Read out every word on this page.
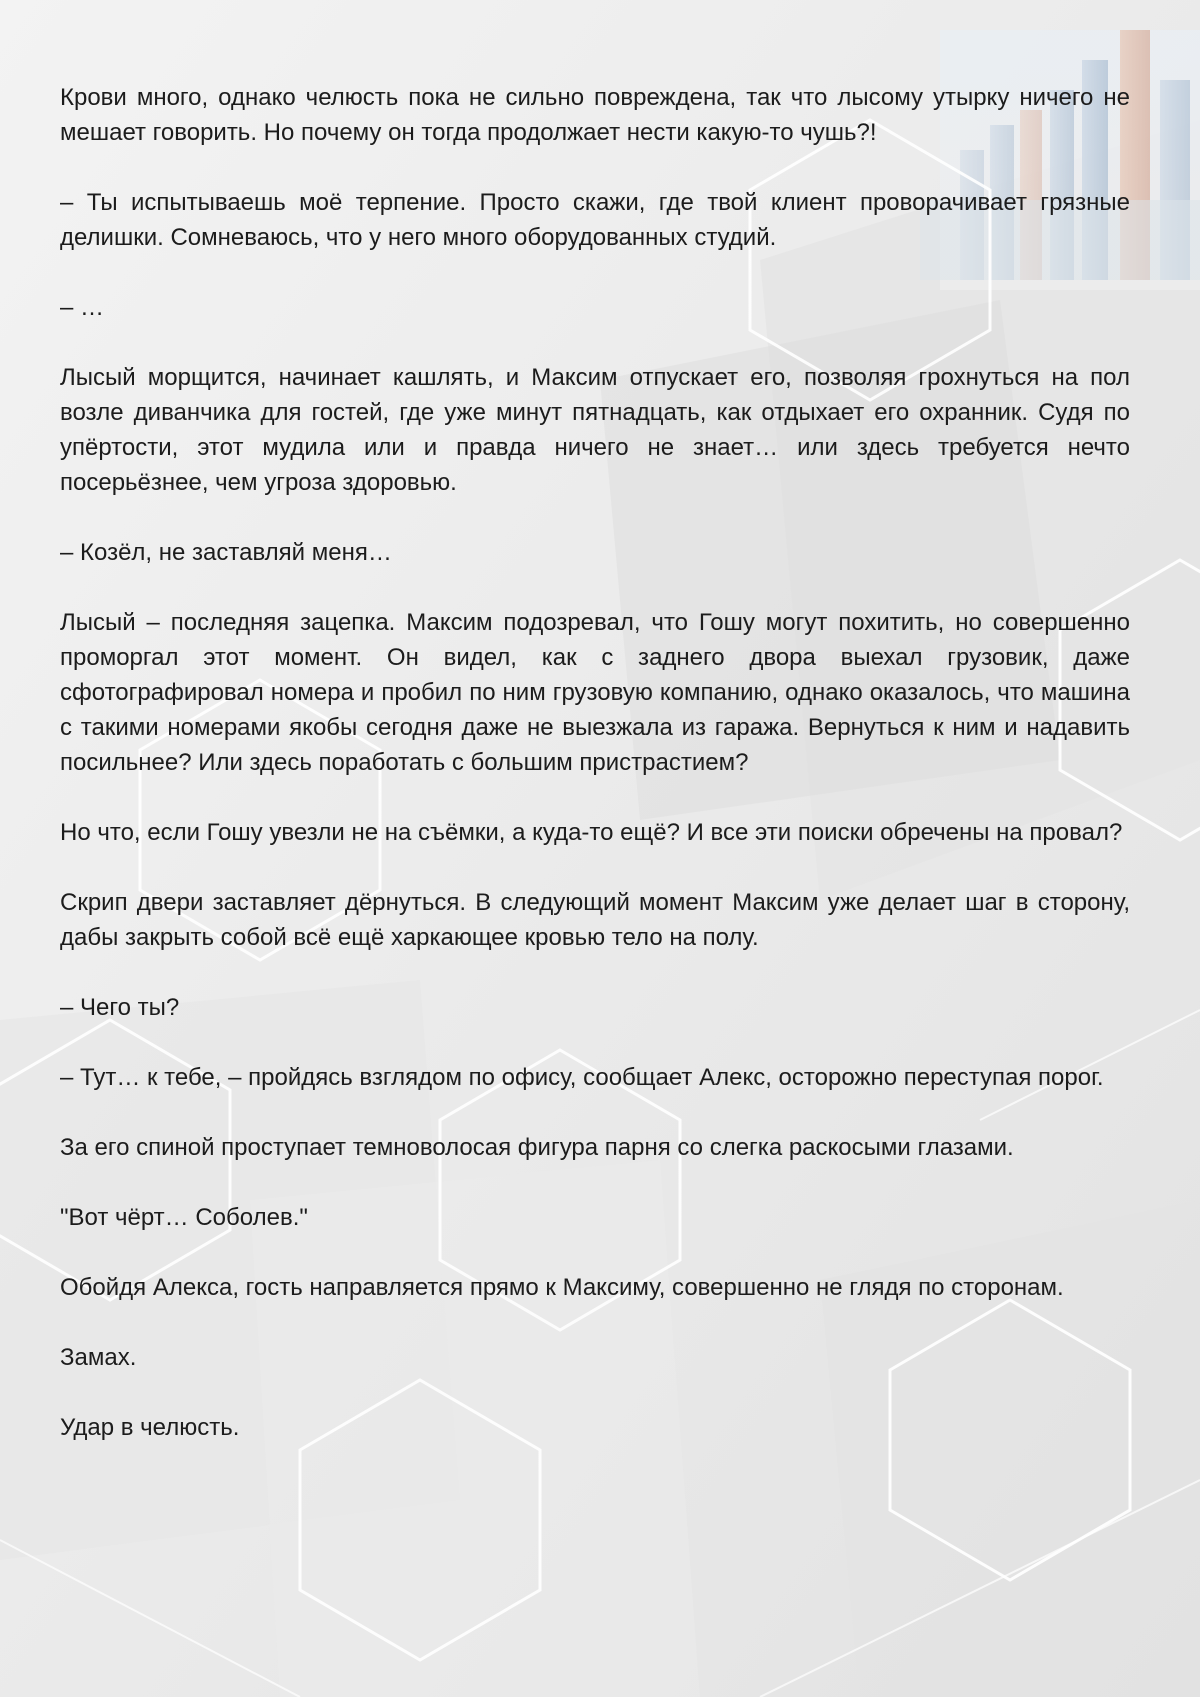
Крови много, однако челюсть пока не сильно повреждена, так что лысому утырку ничего не мешает говорить. Но почему он тогда продолжает нести какую-то чушь?!

– Ты испытываешь моё терпение. Просто скажи, где твой клиент проворачивает грязные делишки. Сомневаюсь, что у него много оборудованных студий.

– …

Лысый морщится, начинает кашлять, и Максим отпускает его, позволяя грохнуться на пол возле диванчика для гостей, где уже минут пятнадцать, как отдыхает его охранник. Судя по упёртости, этот мудила или и правда ничего не знает… или здесь требуется нечто посерьёзнее, чем угроза здоровью.

– Козёл, не заставляй меня…

Лысый – последняя зацепка. Максим подозревал, что Гошу могут похитить, но совершенно проморгал этот момент. Он видел, как с заднего двора выехал грузовик, даже сфотографировал номера и пробил по ним грузовую компанию, однако оказалось, что машина с такими номерами якобы сегодня даже не выезжала из гаража. Вернуться к ним и надавить посильнее? Или здесь поработать с большим пристрастием?

Но что, если Гошу увезли не на съёмки, а куда-то ещё? И все эти поиски обречены на провал?

Скрип двери заставляет дёрнуться. В следующий момент Максим уже делает шаг в сторону, дабы закрыть собой всё ещё харкающее кровью тело на полу.

– Чего ты?

– Тут… к тебе, – пройдясь взглядом по офису, сообщает Алекс, осторожно переступая порог.

За его спиной проступает темноволосая фигура парня со слегка раскосыми глазами.

"Вот чёрт… Соболев."

Обойдя Алекса, гость направляется прямо к Максиму, совершенно не глядя по сторонам.

Замах.

Удар в челюсть.
